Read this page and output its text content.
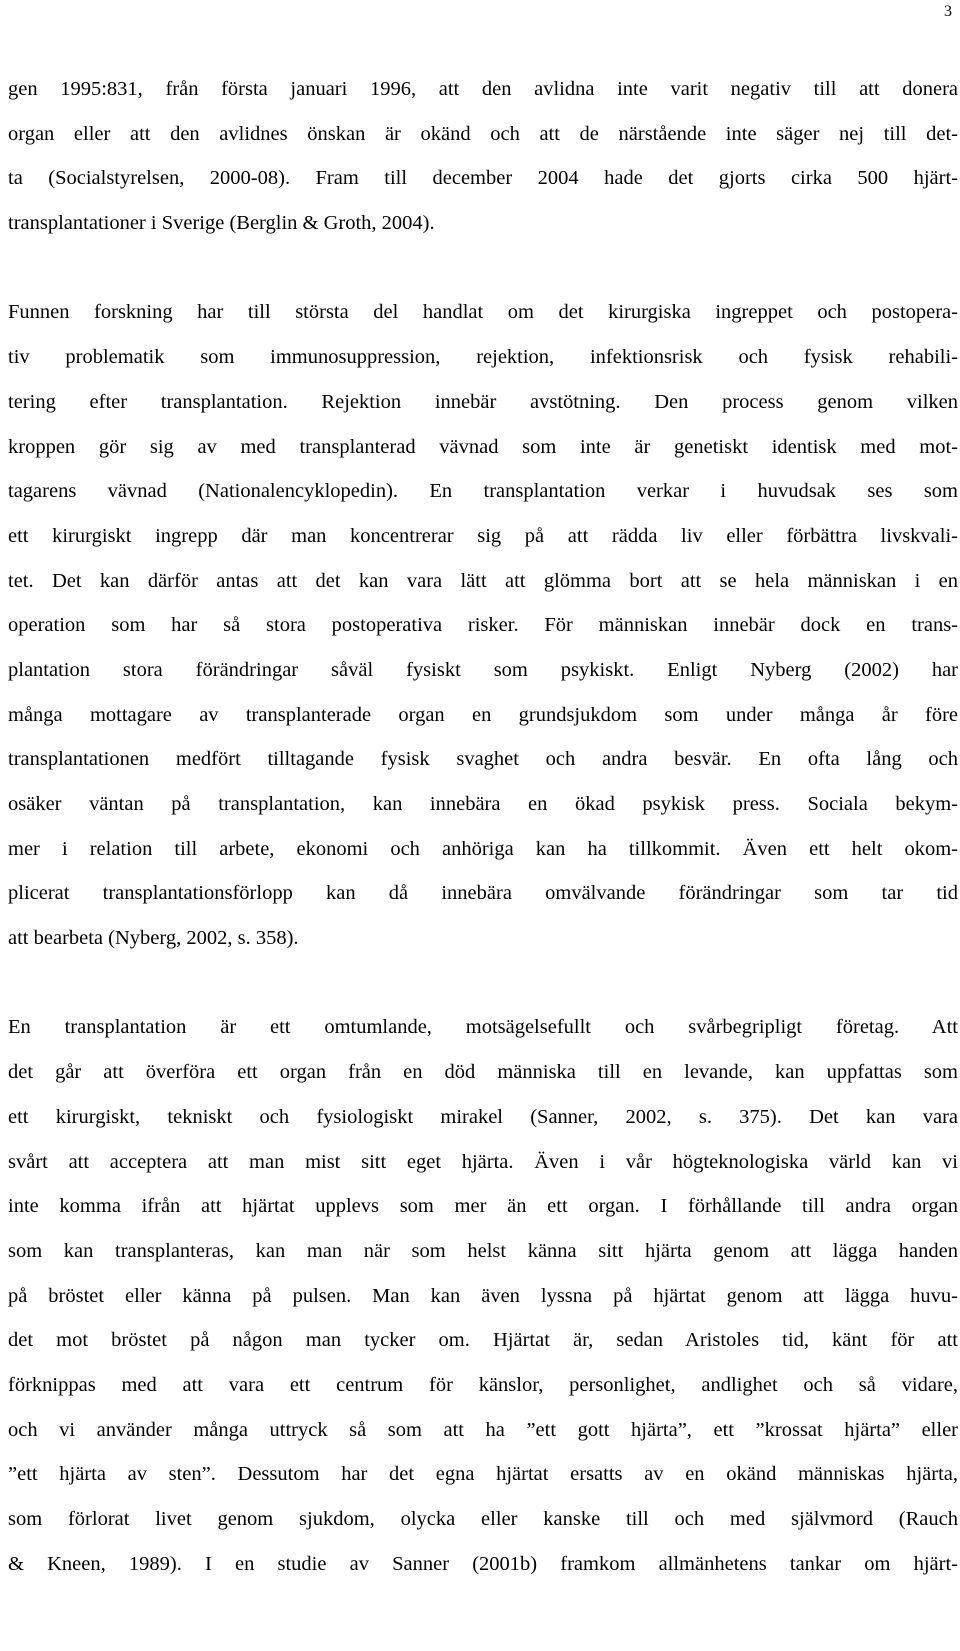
3
gen 1995:831, från första januari 1996, att den avlidna inte varit negativ till att donera
organ eller att den avlidnes önskan är okänd och att de närstående inte säger nej till det-
ta (Socialstyrelsen, 2000-08). Fram till december 2004 hade det gjorts cirka 500 hjärt-
transplantationer i Sverige (Berglin & Groth, 2004).
Funnen forskning har till största del handlat om det kirurgiska ingreppet och postopera-
tiv problematik som immunosuppression, rejektion, infektionsrisk och fysisk rehabili-
tering efter transplantation. Rejektion innebär avstötning. Den process genom vilken
kroppen gör sig av med transplanterad vävnad som inte är genetiskt identisk med mot-
tagarens vävnad (Nationalencyklopedin). En transplantation verkar i huvudsak ses som
ett kirurgiskt ingrepp där man koncentrerar sig på att rädda liv eller förbättra livskvali-
tet. Det kan därför antas att det kan vara lätt att glömma bort att se hela människan i en
operation som har så stora postoperativa risker. För människan innebär dock en trans-
plantation stora förändringar såväl fysiskt som psykiskt. Enligt Nyberg (2002) har
många mottagare av transplanterade organ en grundsjukdom som under många år före
transplantationen medfört tilltagande fysisk svaghet och andra besvär. En ofta lång och
osäker väntan på transplantation, kan innebära en ökad psykisk press. Sociala bekym-
mer i relation till arbete, ekonomi och anhöriga kan ha tillkommit. Även ett helt okom-
plicerat transplantationsförlopp kan då innebära omvälvande förändringar som tar tid
att bearbeta (Nyberg, 2002, s. 358).
En transplantation är ett omtumlande, motsägelsefullt och svårbegripligt företag. Att
det går att överföra ett organ från en död människa till en levande, kan uppfattas som
ett kirurgiskt, tekniskt och fysiologiskt mirakel (Sanner, 2002, s. 375). Det kan vara
svårt att acceptera att man mist sitt eget hjärta. Även i vår högteknologiska värld kan vi
inte komma ifrån att hjärtat upplevs som mer än ett organ. I förhållande till andra organ
som kan transplanteras, kan man när som helst känna sitt hjärta genom att lägga handen
på bröstet eller känna på pulsen. Man kan även lyssna på hjärtat genom att lägga huvu-
det mot bröstet på någon man tycker om. Hjärtat är, sedan Aristoles tid, känt för att
förknippas med att vara ett centrum för känslor, personlighet, andlighet och så vidare,
och vi använder många uttryck så som att ha ”ett gott hjärta”, ett ”krossat hjärta” eller
”ett hjärta av sten”. Dessutom har det egna hjärtat ersatts av en okänd människas hjärta,
som förlorat livet genom sjukdom, olycka eller kanske till och med självmord (Rauch
& Kneen, 1989). I en studie av Sanner (2001b) framkom allmänhetens tankar om hjärt-
